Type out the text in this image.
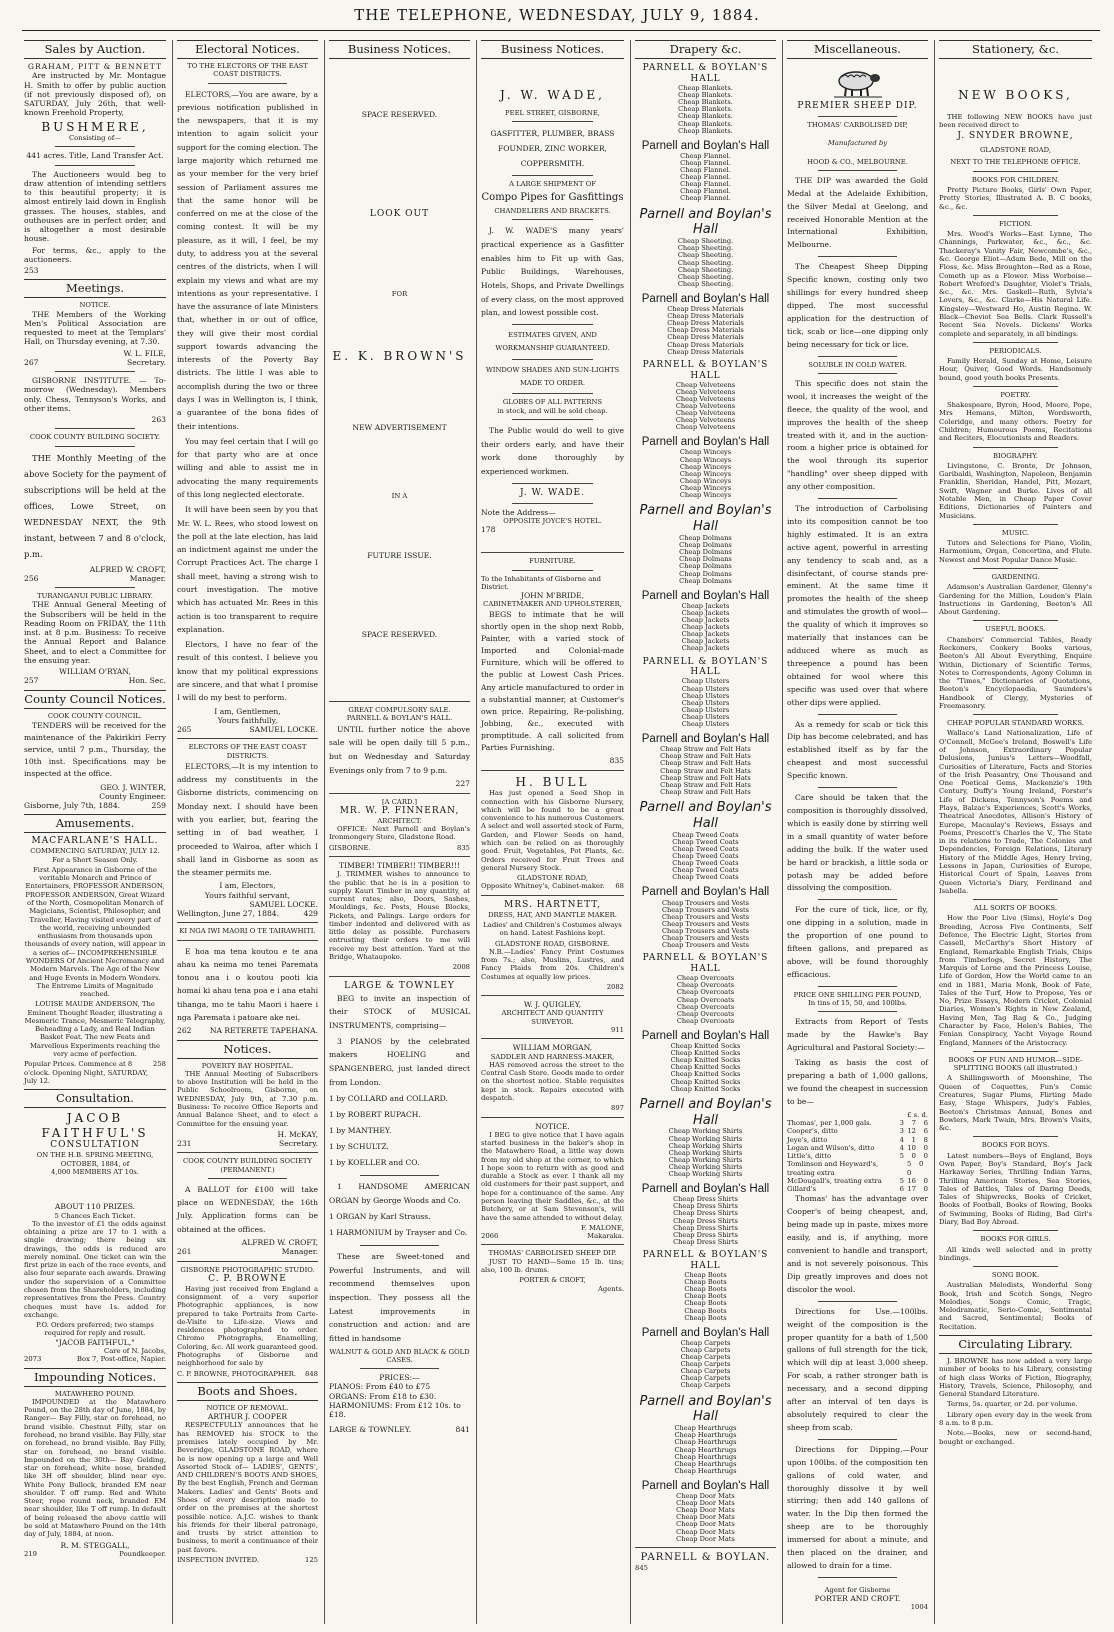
THE TELEPHONE, WEDNESDAY, JULY 9, 1884.
Sales by Auction.
GRAHAM, PITT & BENNETT

Are instructed by Mr. Montague H. Smith to offer by public auction (if not previously disposed of), on SATURDAY, July 26th, that well-known Freehold Property,

BUSHMERE,
Consisting of—
441 acres. Title, Land Transfer Act.

The Auctioneers would beg to draw attention of intending settlers to this beautiful property; it is almost entirely laid down in English grasses. The houses, stables, and outhouses are in perfect order, and is altogether a most desirable house.

For terms, &c., apply to the auctioneers.

253
Meetings.
NOTICE.

THE Members of the Working Men's Political Association are requested to meet at the Templars' Hall, on Thursday evening, at 7.30.

W. L. FILE,
267	Secretary.

GISBORNE INSTITUTE. — To-morrow (Wednesday). Members only. Chess, Tennyson's Works, and other items.

263
COOK COUNTY BUILDING SOCIETY.

THE Monthly Meeting of the above Society for the payment of subscriptions will be held at the offices, Lowe Street, on WEDNESDAY NEXT, the 9th instant, between 7 and 8 o'clock, p.m.

ALFRED W. CROFT,
256	Manager.
TURANGANUI PUBLIC LIBRARY.

THE Annual General Meeting of the Subscribers will be held in the Reading Room on FRIDAY, the 11th inst. at 8 p.m. Business: To receive the Annual Report and Balance Sheet, and to elect a Committee for the ensuing year.

WILLIAM O'RYAN,
257	Hon. Sec.
County Council Notices.
COOK COUNTY COUNCIL.

TENDERS will be received for the maintenance of the Pakirikiri Ferry service, until 7 p.m., Thursday, the 10th inst. Specifications may be inspected at the office.

GEO. J. WINTER,
County Engineer.
Gisborne, July 7th, 1884.	259
Amusements.
MACFARLANE'S HALL.
COMMENCING SATURDAY, JULY 12. For a Short Season Only.

First Appearance in Gisborne of the veritable Monarch and Prince of Entertainers, PROFESSOR ANDERSON, PROFESSOR ANDERSON, Great Wizard of the North, Cosmopolitan Monarch of Magicians, Scientist, Philosopher, and Traveller, Having visited every part of the world, receiving unbounded enthusiasm from thousands upon thousands of every nation, will appear in a series of— INCOMPREHENSIBLE WONDERS Of Ancient Necromancy and Modern Marvels. The Age of the New and Huge Events in Modern Wonders. The Entreme Limits of Magnitude reached.

LOUISE MAUDE ANDERSON, The Eminent Thought Reader, illustrating a Mesmeric Trance, Mesmeric Telegraphy, Beheading a Lady, and Real Indian Basket Feat. The new Feats and Marvellous Experiments reaching the very acme of perfection.

Popular Prices. Commence at 8 o'clock. Opening Night, SATURDAY, July 12.
258
Consultation.
JACOB FAITHFUL'S
CONSULTATION
ON THE H.B. SPRING MEETING,
OCTOBER, 1884, of
4,000 MEMBERS AT 10s.
ABOUT 110 PRIZES.
5 Chances Each Ticket.

To the investor of £1 the odds against obtaining a prize are 17 to 1 with a single drawing; there being six drawings, the odds is reduced are merely nominal. One ticket can win the first prize in each of the race events, and also four separate each awards. Drawing under the supervision of a Committee chosen from the Shareholders, including representatives from the Press. Country cheques must have 1s. added for exchange.

P.O. Orders preferred; two stamps required for reply and result.

"JACOB FAITHFUL,"
Care of N. Jacobs,
2073	Box 7, Post-office, Napier.
Impounding Notices.
MATAWHERO POUND.

IMPOUNDED at the Matawhero Pound, on the 28th day of June, 1884, by Ranger— Bay Filly, star on forehead, no brand visible. Chestnut Filly, star on forehead, no brand visible. Bay Filly, star on forehead, no brand visible. Bay Filly, star on forehead, no brand visible. Impounded on the 30th— Bay Gelding, star on forehead, white nose, branded like 3H off shoulder, blind near eye. White Pony Bullock, branded EM near shoulder. T off rump. Red and White Steer, rope round neck, branded EM near shoulder, like T off rump. In default of being released the above cattle will be sold at Matawhero Pound on the 14th day of July, 1884, at noon.

R. M. STEGGALL,
219	Poundkeeper.
Electoral Notices.
TO THE ELECTORS OF THE EAST COAST DISTRICTS.

ELECTORS,—You are aware, by a previous notification published in the newspapers, that it is my intention to again solicit your support for the coming election. The large majority which returned me as your member for the very brief session of Parliament assures me that the same honor will be conferred on me at the close of the coming contest. It will be my pleasure, as it will, I feel, be my duty, to address you at the several centres of the districts, when I will explain my views and what are my intentions as your representative. I have the assurance of late Ministers that, whether in or out of office, they will give their most cordial support towards advancing the interests of the Poverty Bay districts. The little I was able to accomplish during the two or three days I was in Wellington is, I think, a guarantee of the bona fides of their intentions.

You may feel certain that I will go for that party who are at once willing and able to assist me in advocating the many requirements of this long neglected electorate.

It will have been seen by you that Mr. W. L. Rees, who stood lowest on the poll at the late election, has laid an indictment against me under the Corrupt Practices Act. The charge I shall meet, having a strong wish to court investigation. The motive which has actuated Mr. Rees in this action is too transparent to require explanation.

Electors, I have no fear of the result of this contest. I believe you know that my political expressions are sincere, and that what I promise I will do my best to perform.

I am, Gentlemen,
Yours faithfully,
265	SAMUEL LOCKE.
ELECTORS OF THE EAST COAST DISTRICTS.

ELECTORS,—It is my intention to address my constituents in the Gisborne districts, commencing on Monday next. I should have been with you earlier, but, fearing the setting in of bad weather, I proceeded to Wairoa, after which I shall land in Gisborne as soon as the steamer permits me.

I am, Electors,
Yours faithful servant,
SAMUEL LOCKE.
Wellington, June 27, 1884.	429
KI NGA IWI MAORI O TE TAIRAWHITI.

E hoa ma tena koutou e te ana ahau ka neima mo tenei Paremata tonou ana i o koutou pooti kia homai ki ahau tena poa e i ana etahi tihanga, mo te tahu Maori i haere i nga Paremata i patoare ake nei.

262 NA RETERETE TAPEHANA.
Notices.
POVERTY BAY HOSPITAL.

THE Annual Meeting of Subscribers to above Institution will be held in the Public Schoolroom, Gisborne, on WEDNESDAY, July 9th, at 7.30 p.m. Business: To receive Office Reports and Annual Balance Sheet, and to elect a Committee for the ensuing year.

H. McKAY,
231	Secretary.
COOK COUNTY BUILDING SOCIETY
(PERMANENT.)

A BALLOT for £100 will take place on WEDNESDAY, the 16th July. Application forms can be obtained at the offices.

ALFRED W. CROFT,
261	Manager.
GISBORNE PHOTOGRAPHIC STUDIO.
C. P. BROWNE

Having just received from England a consignment of a very superior Photographic appliances, is now prepared to take Portraits from Carte-de-Visite to Life-size. Views and residences photographed to order. Chromo Photographs, Enamelling, Coloring, &c. All work guaranteed good. Photographs of Gisborne and neighborhood for sale by

C. P. BROWNE, PHOTOGRAPHER. 848
Boots and Shoes.
NOTICE OF REMOVAL.
ARTHUR J. COOPER

RESPECTFULLY announces that he has REMOVED his STOCK to the premises lately occupied by Mr. Beveridge, GLADSTONE ROAD, where he is now opening up a large and Well Assorted Stock of— LADIES', GENTS', AND CHILDREN'S BOOTS AND SHOES, By the best English, French and German Makers. Ladies' and Gents' Boots and Shoes of every description made to order on the premises at the shortest possible notice. A.J.C. wishes to thank his friends for their liberal patronage, and trusts by strict attention to business, to merit a continuance of their past favors.

INSPECTION INVITED.	125
Business Notices.
SPACE RESERVED.
LOOK OUT
FOR
E. K. BROWN'S
NEW ADVERTISEMENT
IN A
FUTURE ISSUE.
SPACE RESERVED.
GREAT COMPULSORY SALE.
PARNELL & BOYLAN'S HALL.

UNTIL further notice the above sale will be open daily till 5 p.m., but on Wednesday and Saturday Evenings only from 7 to 9 p.m.

227
[A CARD.]
MR. W. P. FINNERAN,
ARCHITECT.

OFFICE: Next Parnell and Boylan's Ironmongery Store, Gladstone Road.

GISBORNE.	835
TIMBER! TIMBER!! TIMBER!!!

J. TRIMMER wishes to announce to the public that he is in a position to supply Kauri Timber in any quantity, at current rates; also, Doors, Sashes, Mouldings, &c. Posts, House Blocks, Pickets, and Palings. Large orders for timber indented and delivered with as little delay as possible. Purchasers entrusting their orders to me will receive my best attention. Yard at the Bridge, Whataupoko.

2008
LARGE & TOWNLEY

BEG to invite an inspection of their STOCK of MUSICAL INSTRUMENTS, comprising—

3 PIANOS by the celebrated makers HOELING and SPANGENBERG, just landed direct from London.

1 by COLLARD and COLLARD.
1 by ROBERT RUPACH.
1 by MANTHEY.
1 by SCHULTZ.
1 by KOELLER and CO.

1 HANDSOME AMERICAN ORGAN by George Woods and Co.

1 ORGAN by Karl Strauss.
1 HARMONIUM by Trayser and Co.

These are Sweet-toned and Powerful Instruments, and will recommend themselves upon inspection. They possess all the Latest improvements in construction and action: and are fitted in handsome

WALNUT & GOLD AND BLACK & GOLD CASES.
PRICES:—
PIANOS: From £40 to £75
ORGANS: From £18 to £30.
HARMONIUMS: From £12 10s. to £18.
LARGE & TOWNLEY.	841
Business Notices.
J. W. WADE,
PEEL STREET, GISBORNE,
GASFITTER, PLUMBER, BRASS
FOUNDER, ZINC WORKER,
COPPERSMITH.
A LARGE SHIPMENT OF
Compo Pipes for Gasfittings
CHANDELIERS AND BRACKETS.

J. W. WADE'S many years' practical experience as a Gasfitter enables him to Fit up with Gas, Public Buildings, Warehouses, Hotels, Shops, and Private Dwellings of every class, on the most approved plan, and lowest possible cost.

ESTIMATES GIVEN, AND WORKMANSHIP GUARANTEED.
WINDOW SHADES AND SUN-LIGHTS MADE TO ORDER.
GLOBES OF ALL PATTERNS
in stock, and will be sold cheap.

The Public would do well to give their orders early, and have their work done thoroughly by experienced workmen.

J. W. WADE.
Note the Address—
OPPOSITE JOYCE'S HOTEL.
178
FURNITURE.
To the Inhabitants of Gisborne and District.
JOHN M'BRIDE,
CABINETMAKER AND UPHOLSTERER,

BEGS to intimate that he will shortly open in the shop next Robb, Painter, with a varied stock of Imported and Colonial-made Furniture, which will be offered to the public at Lowest Cash Prices. Any article manufactured to order in a substantial manner, at Customer's own price. Repairing, Re-polishing, Jobbing, &c., executed with promptitude. A call solicited from Parties Furnishing.

835
H. BULL

Has just opened a Seed Shop in connection with his Gisborne Nursery, which will be found to be a great convenience to his numerous Customers. A select and well assorted stock of Farm, Garden, and Flower Seeds on hand, which can be relied on as thoroughly good. Fruit, Vegetables, Pot Plants, &c. Orders received for Fruit Trees and general Nursery Stock.

GLADSTONE ROAD,
Opposite Whitney's, Cabinet-maker. 68
MRS. HARTNETT,
DRESS, HAT, AND MANTLE MAKER.

Ladies' and Children's Costumes always on hand. Latest Fashions kept.

GLADSTONE ROAD, GISBORNE.

N.B.—Ladies' Fancy Print Costumes from 7s.; also, Muslins, Lustres, and Fancy Plaids from 20s. Children's Costumes at equally low prices.

2082
W. J. QUIGLEY,
ARCHITECT AND QUANTITY SURVEYOR.
911
WILLIAM MORGAN,
SADDLER AND HARNESS-MAKER,

HAS removed across the street to the Central Cash Store. Goods made to order on the shortest notice. Stable requisites kept in stock. Repairs executed with despatch.

897
NOTICE.

I BEG to give notice that I have again started business in the baker's shop in the Matawhero Road, a little way down from my old shop at the corner, to which I hope soon to return with as good and durable a Stock as ever. I thank all my old customers for their past support, and hope for a continuance of the same. Any person leaving their Saddles, &c., at the Butchery, or at Sam Stevenson's, will have the same attended to without delay.

F. MALONE,
2066	Makaraka.
THOMAS' CARBOLISED SHEEP DIP.

JUST TO HAND—Some 15 lb. tins; also, 100 lb. drums.

PORTER & CROFT,
Agents.
Drapery &c.
PARNELL & BOYLAN'S HALL
Cheap Blankets.
Cheap Blankets.
Cheap Blankets.
Cheap Blankets.
Cheap Blankets.
Cheap Blankets.
Cheap Blankets.
Parnell and Boylan's Hall
Cheap Flannel.
Cheap Flannel.
Cheap Flannel.
Cheap Flannel.
Cheap Flannel.
Cheap Flannel.
Cheap Flannel.
Parnell and Boylan's Hall
Cheap Sheeting.
Cheap Sheeting.
Cheap Sheeting.
Cheap Sheeting.
Cheap Sheeting.
Cheap Sheeting.
Cheap Sheeting.
Parnell and Boylan's Hall
Cheap Dress Materials
Cheap Dress Materials
Cheap Dress Materials
Cheap Dress Materials
Cheap Dress Materials
Cheap Dress Materials
Cheap Dress Materials
PARNELL & BOYLAN'S HALL
Cheap Velveteens
Cheap Velveteens
Cheap Velveteens
Cheap Velveteens
Cheap Velveteens
Cheap Velveteens
Cheap Velveteens
Parnell and Boylan's Hall
Cheap Winceys
Cheap Winceys
Cheap Winceys
Cheap Winceys
Cheap Winceys
Cheap Winceys
Cheap Winceys
Parnell and Boylan's Hall
Cheap Dolmans
Cheap Dolmans
Cheap Dolmans
Cheap Dolmans
Cheap Dolmans
Cheap Dolmans
Cheap Dolmans
Parnell and Boylan's Hall
Cheap Jackets
Cheap Jackets
Cheap Jackets
Cheap Jackets
Cheap Jackets
Cheap Jackets
Cheap Jackets
PARNELL & BOYLAN'S HALL
Cheap Ulsters
Cheap Ulsters
Cheap Ulsters
Cheap Ulsters
Cheap Ulsters
Cheap Ulsters
Cheap Ulsters
Parnell and Boylan's Hall
Cheap Straw and Felt Hats
Cheap Straw and Felt Hats
Cheap Straw and Felt Hats
Cheap Straw and Felt Hats
Cheap Straw and Felt Hats
Cheap Straw and Felt Hats
Cheap Straw and Felt Hats
Parnell and Boylan's Hall
Cheap Tweed Coats
Cheap Tweed Coats
Cheap Tweed Coats
Cheap Tweed Coats
Cheap Tweed Coats
Cheap Tweed Coats
Cheap Tweed Coats
Parnell and Boylan's Hall
Cheap Trousers and Vests
Cheap Trousers and Vests
Cheap Trousers and Vests
Cheap Trousers and Vests
Cheap Trousers and Vests
Cheap Trousers and Vests
Cheap Trousers and Vests
PARNELL & BOYLAN'S HALL
Cheap Overcoats
Cheap Overcoats
Cheap Overcoats
Cheap Overcoats
Cheap Overcoats
Cheap Overcoats
Cheap Overcoats
Parnell and Boylan's Hall
Cheap Knitted Socks
Cheap Knitted Socks
Cheap Knitted Socks
Cheap Knitted Socks
Cheap Knitted Socks
Cheap Knitted Socks
Cheap Knitted Socks
Parnell and Boylan's Hall
Cheap Working Shirts
Cheap Working Shirts
Cheap Working Shirts
Cheap Working Shirts
Cheap Working Shirts
Cheap Working Shirts
Cheap Working Shirts
Parnell and Boylan's Hall
Cheap Dress Shirts
Cheap Dress Shirts
Cheap Dress Shirts
Cheap Dress Shirts
Cheap Dress Shirts
Cheap Dress Shirts
Cheap Dress Shirts
PARNELL & BOYLAN'S HALL
Cheap Boots
Cheap Boots
Cheap Boots
Cheap Boots
Cheap Boots
Cheap Boots
Cheap Boots
Parnell and Boylan's Hall
Cheap Carpets
Cheap Carpets
Cheap Carpets
Cheap Carpets
Cheap Carpets
Cheap Carpets
Cheap Carpets
Parnell and Boylan's Hall
Cheap Hearthrugs
Cheap Hearthrugs
Cheap Hearthrugs
Cheap Hearthrugs
Cheap Hearthrugs
Cheap Hearthrugs
Cheap Hearthrugs
Parnell and Boylan's Hall
Cheap Door Mats
Cheap Door Mats
Cheap Door Mats
Cheap Door Mats
Cheap Door Mats
Cheap Door Mats
Cheap Door Mats
PARNELL & BOYLAN.
845
Miscellaneous.
PREMIER SHEEP DIP.
THOMAS' CARBOLISED DIP,
Manufactured by
HOOD & CO., MELBOURNE.

THE DIP was awarded the Gold Medal at the Adelaide Exhibition, the Silver Medal at Geelong, and received Honorable Mention at the International Exhibition, Melbourne.

The Cheapest Sheep Dipping Specific known, costing only two shillings for every hundred sheep dipped. The most successful application for the destruction of tick, scab or lice—one dipping only being necessary for tick or lice.

SOLUBLE IN COLD WATER.

This specific does not stain the wool, it increases the weight of the fleece, the quality of the wool, and improves the health of the sheep treated with it, and in the auction-room a higher price is obtained for the wool through its superior "handling" over sheep dipped with any other composition.

The introduction of Carbolising into its composition cannot be too highly estimated. It is an extra active agent, powerful in arresting any tendency to scab and, as a disinfectant, of course stands pre-eminent. At the same time it promotes the health of the sheep and stimulates the growth of wool—the quality of which it improves so materially that instances can be adduced where as much as threepence a pound has been obtained for wool where this specific was used over that where other dips were applied.

As a remedy for scab or tick this Dip has become celebrated, and has established itself as by far the cheapest and most successful Specific known.

Care should be taken that the composition is thoroughly dissolved, which is easily done by stirring well in a small quantity of water before adding the bulk. If the water used be hard or brackish, a little soda or potash may be added before dissolving the composition.

For the cure of tick, lice, or fly, one dipping in a solution, made in the proportion of one pound to fifteen gallons, and prepared as above, will be found thoroughly efficacious.

PRICE ONE SHILLING PER POUND,
In tins of 15, 50, and 100lbs.

Extracts from Report of Tests made by the Hawke's Bay Agricultural and Pastoral Society:—

Taking as basis the cost of preparing a bath of 1,000 gallons, we found the cheapest in succession to be—

£ s. d.
Thomas', per 1,000 gals.	3 7 6
Cooper's, ditto	3 12 6
Jeye's, ditto	4 1 8
Logan and Wilson's, ditto	4 10 0
Little's, ditto	5 0 0
Tomlinson and Heyward's, treating extra
5 00
McDougall's, treating extra	5 16 0
Gillard's	6 17 0

Thomas' has the advantage over Cooper's of being cheapest, and, being made up in paste, mixes more easily, and is, if anything, more convenient to handle and transport, and is not severely poisonous. This Dip greatly improves and does not discolor the wool.

Directions for Use.—100lbs. weight of the composition is the proper quantity for a bath of 1,500 gallons of full strength for the tick, which will dip at least 3,000 sheep. For scab, a rather stronger bath is necessary, and a second dipping after an interval of ten days is absolutely required to clear the sheep from scab.

Directions for Dipping.—Pour upon 100lbs. of the composition ten gallons of cold water, and thoroughly dissolve it by well stirring; then add 140 gallons of water. In the Dip then formed the sheep are to be thoroughly immersed for about a minute, and then placed on the drainer, and allowed to drain for a time.

Agent for Gisborne
PORTER AND CROFT.
1004
Stationery, &c.
NEW BOOKS,

THE following NEW BOOKS have just been received direct to

J. SNYDER BROWNE,
GLADSTONE ROAD,
NEXT TO THE TELEPHONE OFFICE.
BOOKS FOR CHILDREN.

Pretty Picture Books, Girls' Own Paper, Pretty Stories, Illustrated A. B. C books, &c., &c.

FICTION.

Mrs. Wood's Works—East Lynne, The Channings, Parkwater, &c., &c., &c. Thackeray's Vanity Fair, Newcombe's, &c., &c. George Eliot—Adam Bede, Mill on the Floss, &c. Miss Broughton—Red as a Rose, Cometh up as a Flower. Miss Worboise—Robert Wreford's Daughter, Violet's Trials, &c., &c. Mrs. Gaskell—Ruth, Sylvia's Lovers, &c., &c. Clarke—His Natural Life. Kingsley—Westward Ho, Austin Regina. W. Black—Cheviot Sea Bells. Clark Russell's Recent Sea Novels. Dickens' Works complete and separately, in all bindings.

PERIODICALS.

Family Herald, Sunday at Home, Leisure Hour, Quiver, Good Words. Handsomely bound, good youth books Presents.

POETRY.

Shakespeare, Byron, Hood, Moore, Pope, Mrs Hemans, Milton, Wordsworth, Coleridge, and many others. Poetry for Children; Humourous Poems, Recitations and Reciters, Elocutionists and Readers.

BIOGRAPHY.

Livingstone, C. Bronte, Dr Johnson, Garibaldi, Washington, Napoleon, Benjamin Franklin, Sheridan, Handel, Pitt, Mozart, Swift, Wagner and Burke. Lives of all Notable Men, in Cheap Paper Cover Editions, Dictionaries of Painters and Musicians.

MUSIC.

Tutors and Selections for Piano, Violin, Harmonium, Organ, Concertina, and Flute. Newest and Most Popular Dance Music.

GARDENING.

Adamson's Australian Gardener, Glenny's Gardening for the Million, Loudon's Plain Instructions in Gardening, Beeton's All About Gardening.

USEFUL BOOKS.

Chambers' Commercial Tables, Ready Reckoners, Cookery Books various, Beeton's All About Everything, Enquire Within, Dictionary of Scientific Terms, Notes to Correspondents, Agony Column in the "Times," Dictionaries of Quotations, Beeton's Encyclopaedia, Saunders's Handbook of Clergy, Mysteries of Freemasonry.

CHEAP POPULAR STANDARD WORKS.

Wallace's Land Nationalization, Life of O'Connell, McGee's Ireland, Boswell's Life of Johnson, Extraordinary Popular Delusions, Junius's Letters—Woodfall, Curiosities of Literature, Facts and Stories of the Irish Peasantry, One Thousand and One Poetical Gems, Mackenzie's 19th Century, Duffy's Young Ireland, Forster's Life of Dickens, Tennyson's Poems and Plays, Balzac's Experiences, Scott's Works, Theatrical Anecdotes, Allison's History of Europe, Macaulay's Reviews, Essays and Poems, Prescott's Charles the V., The State in its relations to Trade, The Colonies and Dependencies, Foreign Relations, Literary History of the Middle Ages, Henry Irving, Lessons in Japan, Curiosities of Europe, Historical Court of Spain, Leaves from Queen Victoria's Diary, Ferdinand and Isabella.

ALL SORTS OF BOOKS.

How the Poor Live (Sims), Hoyle's Dog Breeding, Across Five Continents, Self Defence, The Electric Light, Stories from Cassell, McCarthy's Short History of England, Remarkable English Trials, Chips from Timberlogs, Secret History, The Marquis of Lorne and the Princess Louise, Life of Gordon, How the World came to an end in 1881, Maria Monk, Book of Fate, Tales of the Turf, How to Propose, Yes or No, Prize Essays, Modern Cricket, Colonial Diaries, Women's Rights in New Zealand, Having Men, Tag Rag & Co., Judging Character by Face, Helen's Babies, The Fenian Conspiracy, Yacht Voyage Round England, Manners of the Aristocracy.

BOOKS OF FUN AND HUMOR—SIDE-SPLITTING BOOKS (all illustrated.)

A Shillingsworth of Moonshine, The Queen of Coquettes, Fun's Comic Creatures, Sugar Plums, Flirting Made Easy, Stage Whispers, Judy's Fables, Beeton's Christmas Annual, Bones and Bowlers, Mark Twain, Mrs. Brown's Visits, &c.

BOOKS FOR BOYS.

Latest numbers—Boys of England, Boys Own Paper, Boy's Standard, Boy's Jack Harkaway Series, Thrilling Indian Yarns, Thrilling American Stories, Sea Stories, Tales of Battles, Tales of Daring Deeds, Tales of Shipwrecks, Books of Cricket, Books of Football, Books of Rowing, Books of Swimming, Books of Riding, Bad Girl's Diary, Bad Boy Abroad.

BOOKS FOR GIRLS.

All kinds well selected and in pretty bindings.

SONG BOOK.

Australian Melodists, Wonderful Song Book, Irish and Scotch Songs, Negro Melodies, Songs Comic, Tragic, Melodramatic, Serio-Comic, Sentimental and Sacred, Sentimental; Books of Recitation.

Circulating Library.

J. BROWNE has now added a very large number of books to his Library, consisting of high class Works of Fiction, Biography, History, Travels, Science, Philosophy, and General Standard Literature.

Terms, 5s. quarter, or 2d. per volume.

Library open every day in the week from 8 a.m. to 8 p.m.

Note.—Books, new or second-hand, bought or exchanged.
